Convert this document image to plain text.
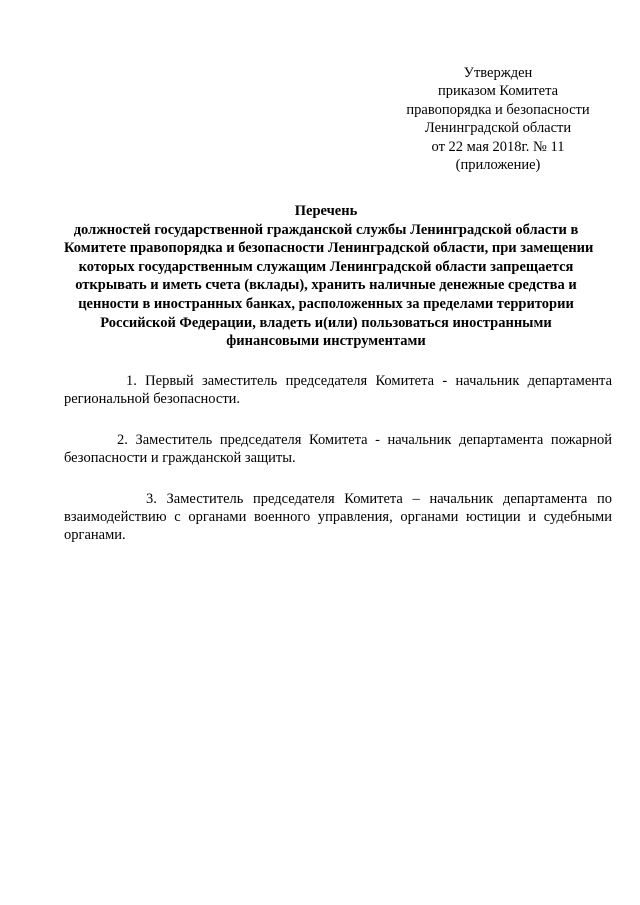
Утвержден
приказом Комитета
правопорядка и безопасности
Ленинградской области
от 22 мая 2018г. № 11
(приложение)
Перечень
должностей государственной гражданской службы Ленинградской области в
Комитете правопорядка и безопасности Ленинградской области, при замещении
которых государственным служащим Ленинградской области запрещается
открывать и иметь счета (вклады), хранить наличные денежные средства и
ценности в иностранных банках, расположенных за пределами территории
Российской Федерации, владеть и(или) пользоваться иностранными
финансовыми инструментами

1. Первый заместитель председателя Комитета - начальник департамента региональной безопасности.

2. Заместитель председателя Комитета - начальник департамента пожарной безопасности и гражданской защиты.

3. Заместитель председателя Комитета – начальник департамента по взаимодействию с органами военного управления, органами юстиции и судебными органами.
